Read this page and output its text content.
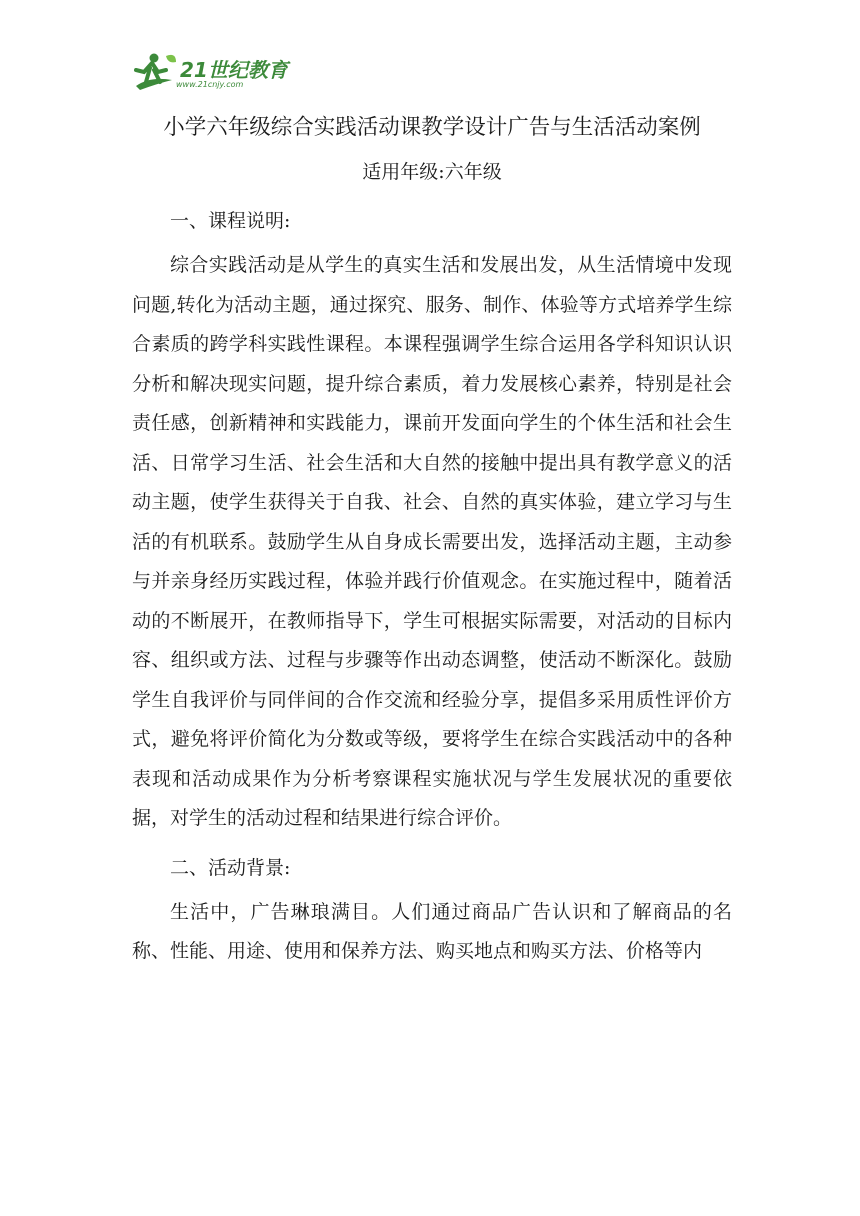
21世纪教育
www.21cnjy.com
小学六年级综合实践活动课教学设计广告与生活活动案例
适用年级:六年级
一、课程说明:
综合实践活动是从学生的真实生活和发展出发，从生活情境中发现问题,转化为活动主题，通过探究、服务、制作、体验等方式培养学生综合素质的跨学科实践性课程。本课程强调学生综合运用各学科知识认识分析和解决现实问题，提升综合素质，着力发展核心素养，特别是社会责任感，创新精神和实践能力，课前开发面向学生的个体生活和社会生活、日常学习生活、社会生活和大自然的接触中提出具有教学意义的活动主题，使学生获得关于自我、社会、自然的真实体验，建立学习与生活的有机联系。鼓励学生从自身成长需要出发，选择活动主题，主动参与并亲身经历实践过程，体验并践行价值观念。在实施过程中，随着活动的不断展开，在教师指导下，学生可根据实际需要，对活动的目标内容、组织或方法、过程与步骤等作出动态调整，使活动不断深化。鼓励学生自我评价与同伴间的合作交流和经验分享，提倡多采用质性评价方式，避免将评价简化为分数或等级，要将学生在综合实践活动中的各种表现和活动成果作为分析考察课程实施状况与学生发展状况的重要依据，对学生的活动过程和结果进行综合评价。
二、活动背景:
生活中，广告琳琅满目。人们通过商品广告认识和了解商品的名称、性能、用途、使用和保养方法、购买地点和购买方法、价格等内
